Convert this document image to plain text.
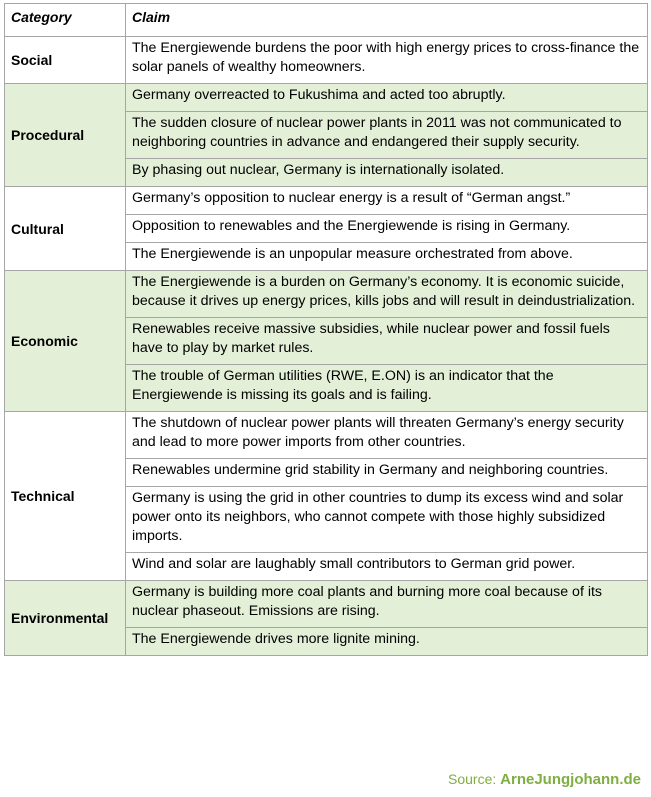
Category	Claim
Social	The Energiewende burdens the poor with high energy prices to cross-finance the solar panels of wealthy homeowners.
Procedural	Germany overreacted to Fukushima and acted too abruptly.
	The sudden closure of nuclear power plants in 2011 was not communicated to neighboring countries in advance and endangered their supply security.
	By phasing out nuclear, Germany is internationally isolated.
Cultural	Germany’s opposition to nuclear energy is a result of “German angst.”
	Opposition to renewables and the Energiewende is rising in Germany.
	The Energiewende is an unpopular measure orchestrated from above.
Economic	The Energiewende is a burden on Germany’s economy. It is economic suicide, because it drives up energy prices, kills jobs and will result in deindustrialization.
	Renewables receive massive subsidies, while nuclear power and fossil fuels have to play by market rules.
	The trouble of German utilities (RWE, E.ON) is an indicator that the Energiewende is missing its goals and is failing.
Technical	The shutdown of nuclear power plants will threaten Germany’s energy security and lead to more power imports from other countries.
	Renewables undermine grid stability in Germany and neighboring countries.
	Germany is using the grid in other countries to dump its excess wind and solar power onto its neighbors, who cannot compete with those highly subsidized imports.
	Wind and solar are laughably small contributors to German grid power.
Environmental	Germany is building more coal plants and burning more coal because of its nuclear phaseout. Emissions are rising.
	The Energiewende drives more lignite mining.
Source: ArneJungjohann.de
